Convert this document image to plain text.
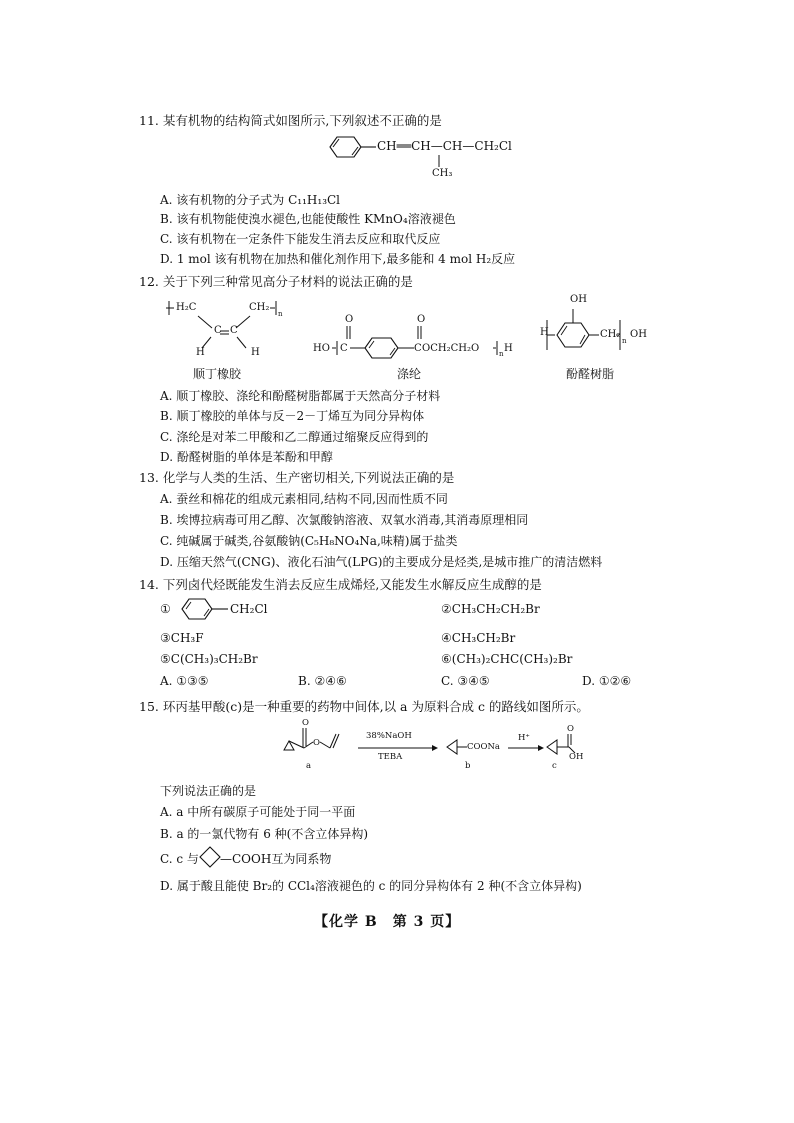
11. 某有机物的结构简式如图所示,下列叙述不正确的是
CH══CH—CH—CH₂Cl
CH₃
A. 该有机物的分子式为 C₁₁H₁₃Cl
B. 该有机物能使溴水褪色,也能使酸性 KMnO₄溶液褪色
C. 该有机物在一定条件下能发生消去反应和取代反应
D. 1 mol 该有机物在加热和催化剂作用下,最多能和 4 mol H₂反应
12. 关于下列三种常见高分子材料的说法正确的是
H₂C	CH₂
n
C C
H	H
顺丁橡胶
O	O
HO C	C OCH₂CH₂O	n H
涤纶
OH
H	CH₂
n
OH
酚醛树脂
A. 顺丁橡胶、涤纶和酚醛树脂都属于天然高分子材料
B. 顺丁橡胶的单体与反－2－丁烯互为同分异构体
C. 涤纶是对苯二甲酸和乙二醇通过缩聚反应得到的
D. 酚醛树脂的单体是苯酚和甲醇
13. 化学与人类的生活、生产密切相关,下列说法正确的是
A. 蚕丝和棉花的组成元素相同,结构不同,因而性质不同
B. 埃博拉病毒可用乙醇、次氯酸钠溶液、双氧水消毒,其消毒原理相同
C. 纯碱属于碱类,谷氨酸钠(C₅H₈NO₄Na,味精)属于盐类
D. 压缩天然气(CNG)、液化石油气(LPG)的主要成分是烃类,是城市推广的清洁燃料
14. 下列卤代烃既能发生消去反应生成烯烃,又能发生水解反应生成醇的是
①	CH₂Cl	②CH₃CH₂CH₂Br
③CH₃F	④CH₃CH₂Br
⑤C(CH₃)₃CH₂Br	⑥(CH₃)₂CHC(CH₃)₂Br
A. ①③⑤	B. ②④⑥	C. ③④⑤	D. ①②⑥
15. 环丙基甲酸(c)是一种重要的药物中间体,以 a 为原料合成 c 的路线如图所示。
O
O
a
38%NaOH
TEBA
COONa
b
H⁺
O
OH
c
下列说法正确的是
A. a 中所有碳原子可能处于同一平面
B. a 的一氯代物有 6 种(不含立体异构)
C. c 与 —COOH互为同系物
D. 属于酸且能使 Br₂的 CCl₄溶液褪色的 c 的同分异构体有 2 种(不含立体异构)
【化学 B　第 3 页】
